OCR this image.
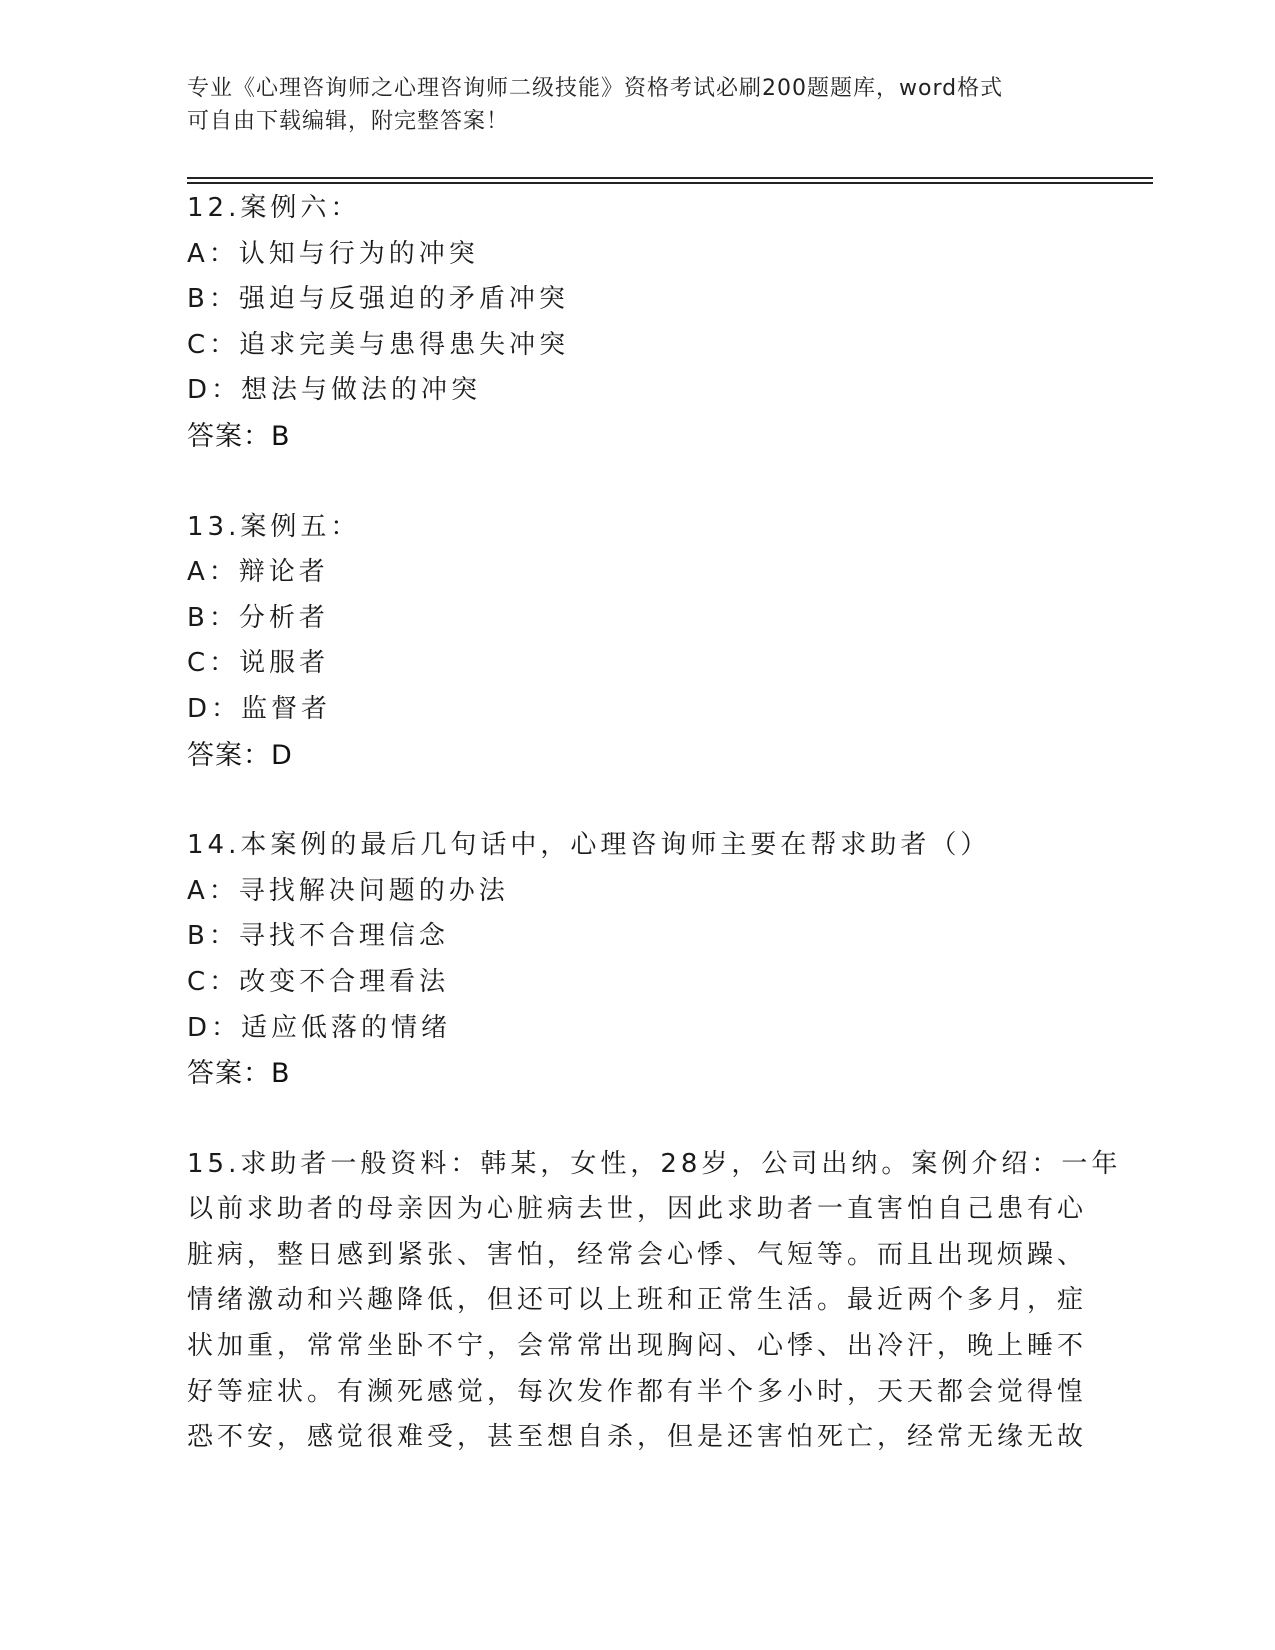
专业《心理咨询师之心理咨询师二级技能》资格考试必刷200题题库，word格式
可自由下载编辑，附完整答案！
12.案例六：
A：认知与行为的冲突
B：强迫与反强迫的矛盾冲突
C：追求完美与患得患失冲突
D：想法与做法的冲突
答案：B
13.案例五：
A：辩论者
B：分析者
C：说服者
D：监督者
答案：D
14.本案例的最后几句话中，心理咨询师主要在帮求助者（）
A：寻找解决问题的办法
B：寻找不合理信念
C：改变不合理看法
D：适应低落的情绪
答案：B
15.求助者一般资料：韩某，女性，28岁，公司出纳。案例介绍：一年
以前求助者的母亲因为心脏病去世，因此求助者一直害怕自己患有心
脏病，整日感到紧张、害怕，经常会心悸、气短等。而且出现烦躁、
情绪激动和兴趣降低，但还可以上班和正常生活。最近两个多月，症
状加重，常常坐卧不宁，会常常出现胸闷、心悸、出冷汗，晚上睡不
好等症状。有濒死感觉，每次发作都有半个多小时，天天都会觉得惶
恐不安，感觉很难受，甚至想自杀，但是还害怕死亡，经常无缘无故
